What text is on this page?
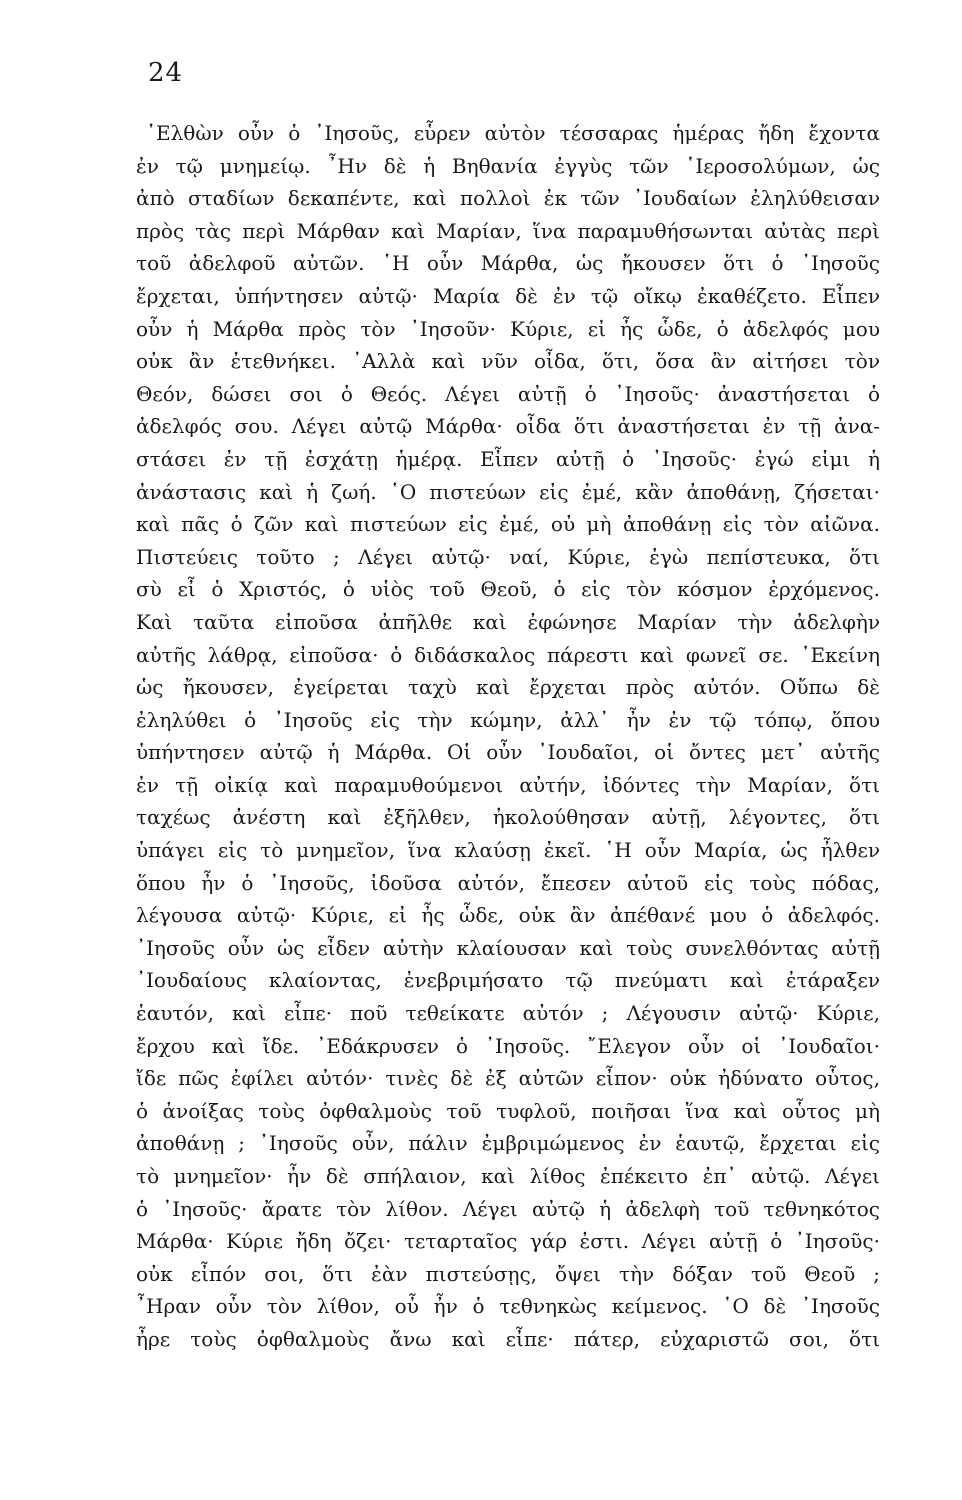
24
᾿Ελθὼν οὖν ὁ ᾿Ιησοῦς, εὗρεν αὐτὸν τέσσαρας ἡμέρας ἤδη ἔχοντα
ἐν τῷ μνημείῳ. ῏Ην δὲ ἡ Βηθανία ἐγγὺς τῶν ῾Ιεροσολύμων, ὡς
ἀπὸ σταδίων δεκαπέντε, καὶ πολλοὶ ἐκ τῶν ᾿Ιουδαίων ἐληλύθεισαν
πρὸς τὰς περὶ Μάρθαν καὶ Μαρίαν, ἵνα παραμυθήσωνται αὐτὰς περὶ
τοῦ ἀδελφοῦ αὐτῶν. ῾Η οὖν Μάρθα, ὡς ἤκουσεν ὅτι ὁ ᾿Ιησοῦς
ἔρχεται, ὑπήντησεν αὐτῷ· Μαρία δὲ ἐν τῷ οἴκῳ ἐκαθέζετο. Εἶπεν
οὖν ἡ Μάρθα πρὸς τὸν ᾿Ιησοῦν· Κύριε, εἰ ἦς ὧδε, ὁ ἀδελφός μου
οὐκ ἂν ἐτεθνήκει. ᾿Αλλὰ καὶ νῦν οἶδα, ὅτι, ὅσα ἂν αἰτήσει τὸν
Θεόν, δώσει σοι ὁ Θεός. Λέγει αὐτῇ ὁ ᾿Ιησοῦς· ἀναστήσεται ὁ
ἀδελφός σου. Λέγει αὐτῷ Μάρθα· οἶδα ὅτι ἀναστήσεται ἐν τῇ ἀνα-
στάσει ἐν τῇ ἐσχάτῃ ἡμέρᾳ. Εἶπεν αὐτῇ ὁ ᾿Ιησοῦς· ἐγώ εἰμι ἡ
ἀνάστασις καὶ ἡ ζωή. ῾Ο πιστεύων εἰς ἐμέ, κἂν ἀποθάνῃ, ζήσεται·
καὶ πᾶς ὁ ζῶν καὶ πιστεύων εἰς ἐμέ, οὐ μὴ ἀποθάνῃ εἰς τὸν αἰῶνα.
Πιστεύεις τοῦτο ; Λέγει αὐτῷ· ναί, Κύριε, ἐγὼ πεπίστευκα, ὅτι
σὺ εἶ ὁ Χριστός, ὁ υἱὸς τοῦ Θεοῦ, ὁ εἰς τὸν κόσμον ἐρχόμενος.
Καὶ ταῦτα εἰποῦσα ἀπῆλθε καὶ ἐφώνησε Μαρίαν τὴν ἀδελφὴν
αὐτῆς λάθρᾳ, εἰποῦσα· ὁ διδάσκαλος πάρεστι καὶ φωνεῖ σε. ᾿Εκείνη
ὡς ἤκουσεν, ἐγείρεται ταχὺ καὶ ἔρχεται πρὸς αὐτόν. Οὔπω δὲ
ἐληλύθει ὁ ᾿Ιησοῦς εἰς τὴν κώμην, ἀλλ᾿ ἦν ἐν τῷ τόπῳ, ὅπου
ὑπήντησεν αὐτῷ ἡ Μάρθα. Οἱ οὖν ᾿Ιουδαῖοι, οἱ ὄντες μετ᾿ αὐτῆς
ἐν τῇ οἰκίᾳ καὶ παραμυθούμενοι αὐτήν, ἰδόντες τὴν Μαρίαν, ὅτι
ταχέως ἀνέστη καὶ ἐξῆλθεν, ἠκολούθησαν αὐτῇ, λέγοντες, ὅτι
ὑπάγει εἰς τὸ μνημεῖον, ἵνα κλαύσῃ ἐκεῖ. ῾Η οὖν Μαρία, ὡς ἦλθεν
ὅπου ἦν ὁ ᾿Ιησοῦς, ἰδοῦσα αὐτόν, ἔπεσεν αὐτοῦ εἰς τοὺς πόδας,
λέγουσα αὐτῷ· Κύριε, εἰ ἦς ὧδε, οὐκ ἂν ἀπέθανέ μου ὁ ἀδελφός.
᾿Ιησοῦς οὖν ὡς εἶδεν αὐτὴν κλαίουσαν καὶ τοὺς συνελθόντας αὐτῇ
᾿Ιουδαίους κλαίοντας, ἐνεβριμήσατο τῷ πνεύματι καὶ ἐτάραξεν
ἑαυτόν, καὶ εἶπε· ποῦ τεθείκατε αὐτόν ; Λέγουσιν αὐτῷ· Κύριε,
ἔρχου καὶ ἴδε. ᾿Εδάκρυσεν ὁ ᾿Ιησοῦς. ῎Ελεγον οὖν οἱ ᾿Ιουδαῖοι·
ἴδε πῶς ἐφίλει αὐτόν· τινὲς δὲ ἐξ αὐτῶν εἶπον· οὐκ ἠδύνατο οὗτος,
ὁ ἀνοίξας τοὺς ὀφθαλμοὺς τοῦ τυφλοῦ, ποιῆσαι ἵνα καὶ οὗτος μὴ
ἀποθάνῃ ; ᾿Ιησοῦς οὖν, πάλιν ἐμβριμώμενος ἐν ἑαυτῷ, ἔρχεται εἰς
τὸ μνημεῖον· ἦν δὲ σπήλαιον, καὶ λίθος ἐπέκειτο ἐπ᾿ αὐτῷ. Λέγει
ὁ ᾿Ιησοῦς· ἄρατε τὸν λίθον. Λέγει αὐτῷ ἡ ἀδελφὴ τοῦ τεθνηκότος
Μάρθα· Κύριε ἤδη ὄζει· τεταρταῖος γάρ ἐστι. Λέγει αὐτῇ ὁ ᾿Ιησοῦς·
οὐκ εἶπόν σοι, ὅτι ἐὰν πιστεύσῃς, ὄψει τὴν δόξαν τοῦ Θεοῦ ;
῏Ηραν οὖν τὸν λίθον, οὗ ἦν ὁ τεθνηκὼς κείμενος. ῾Ο δὲ ᾿Ιησοῦς
ἦρε τοὺς ὀφθαλμοὺς ἄνω καὶ εἶπε· πάτερ, εὐχαριστῶ σοι, ὅτι
